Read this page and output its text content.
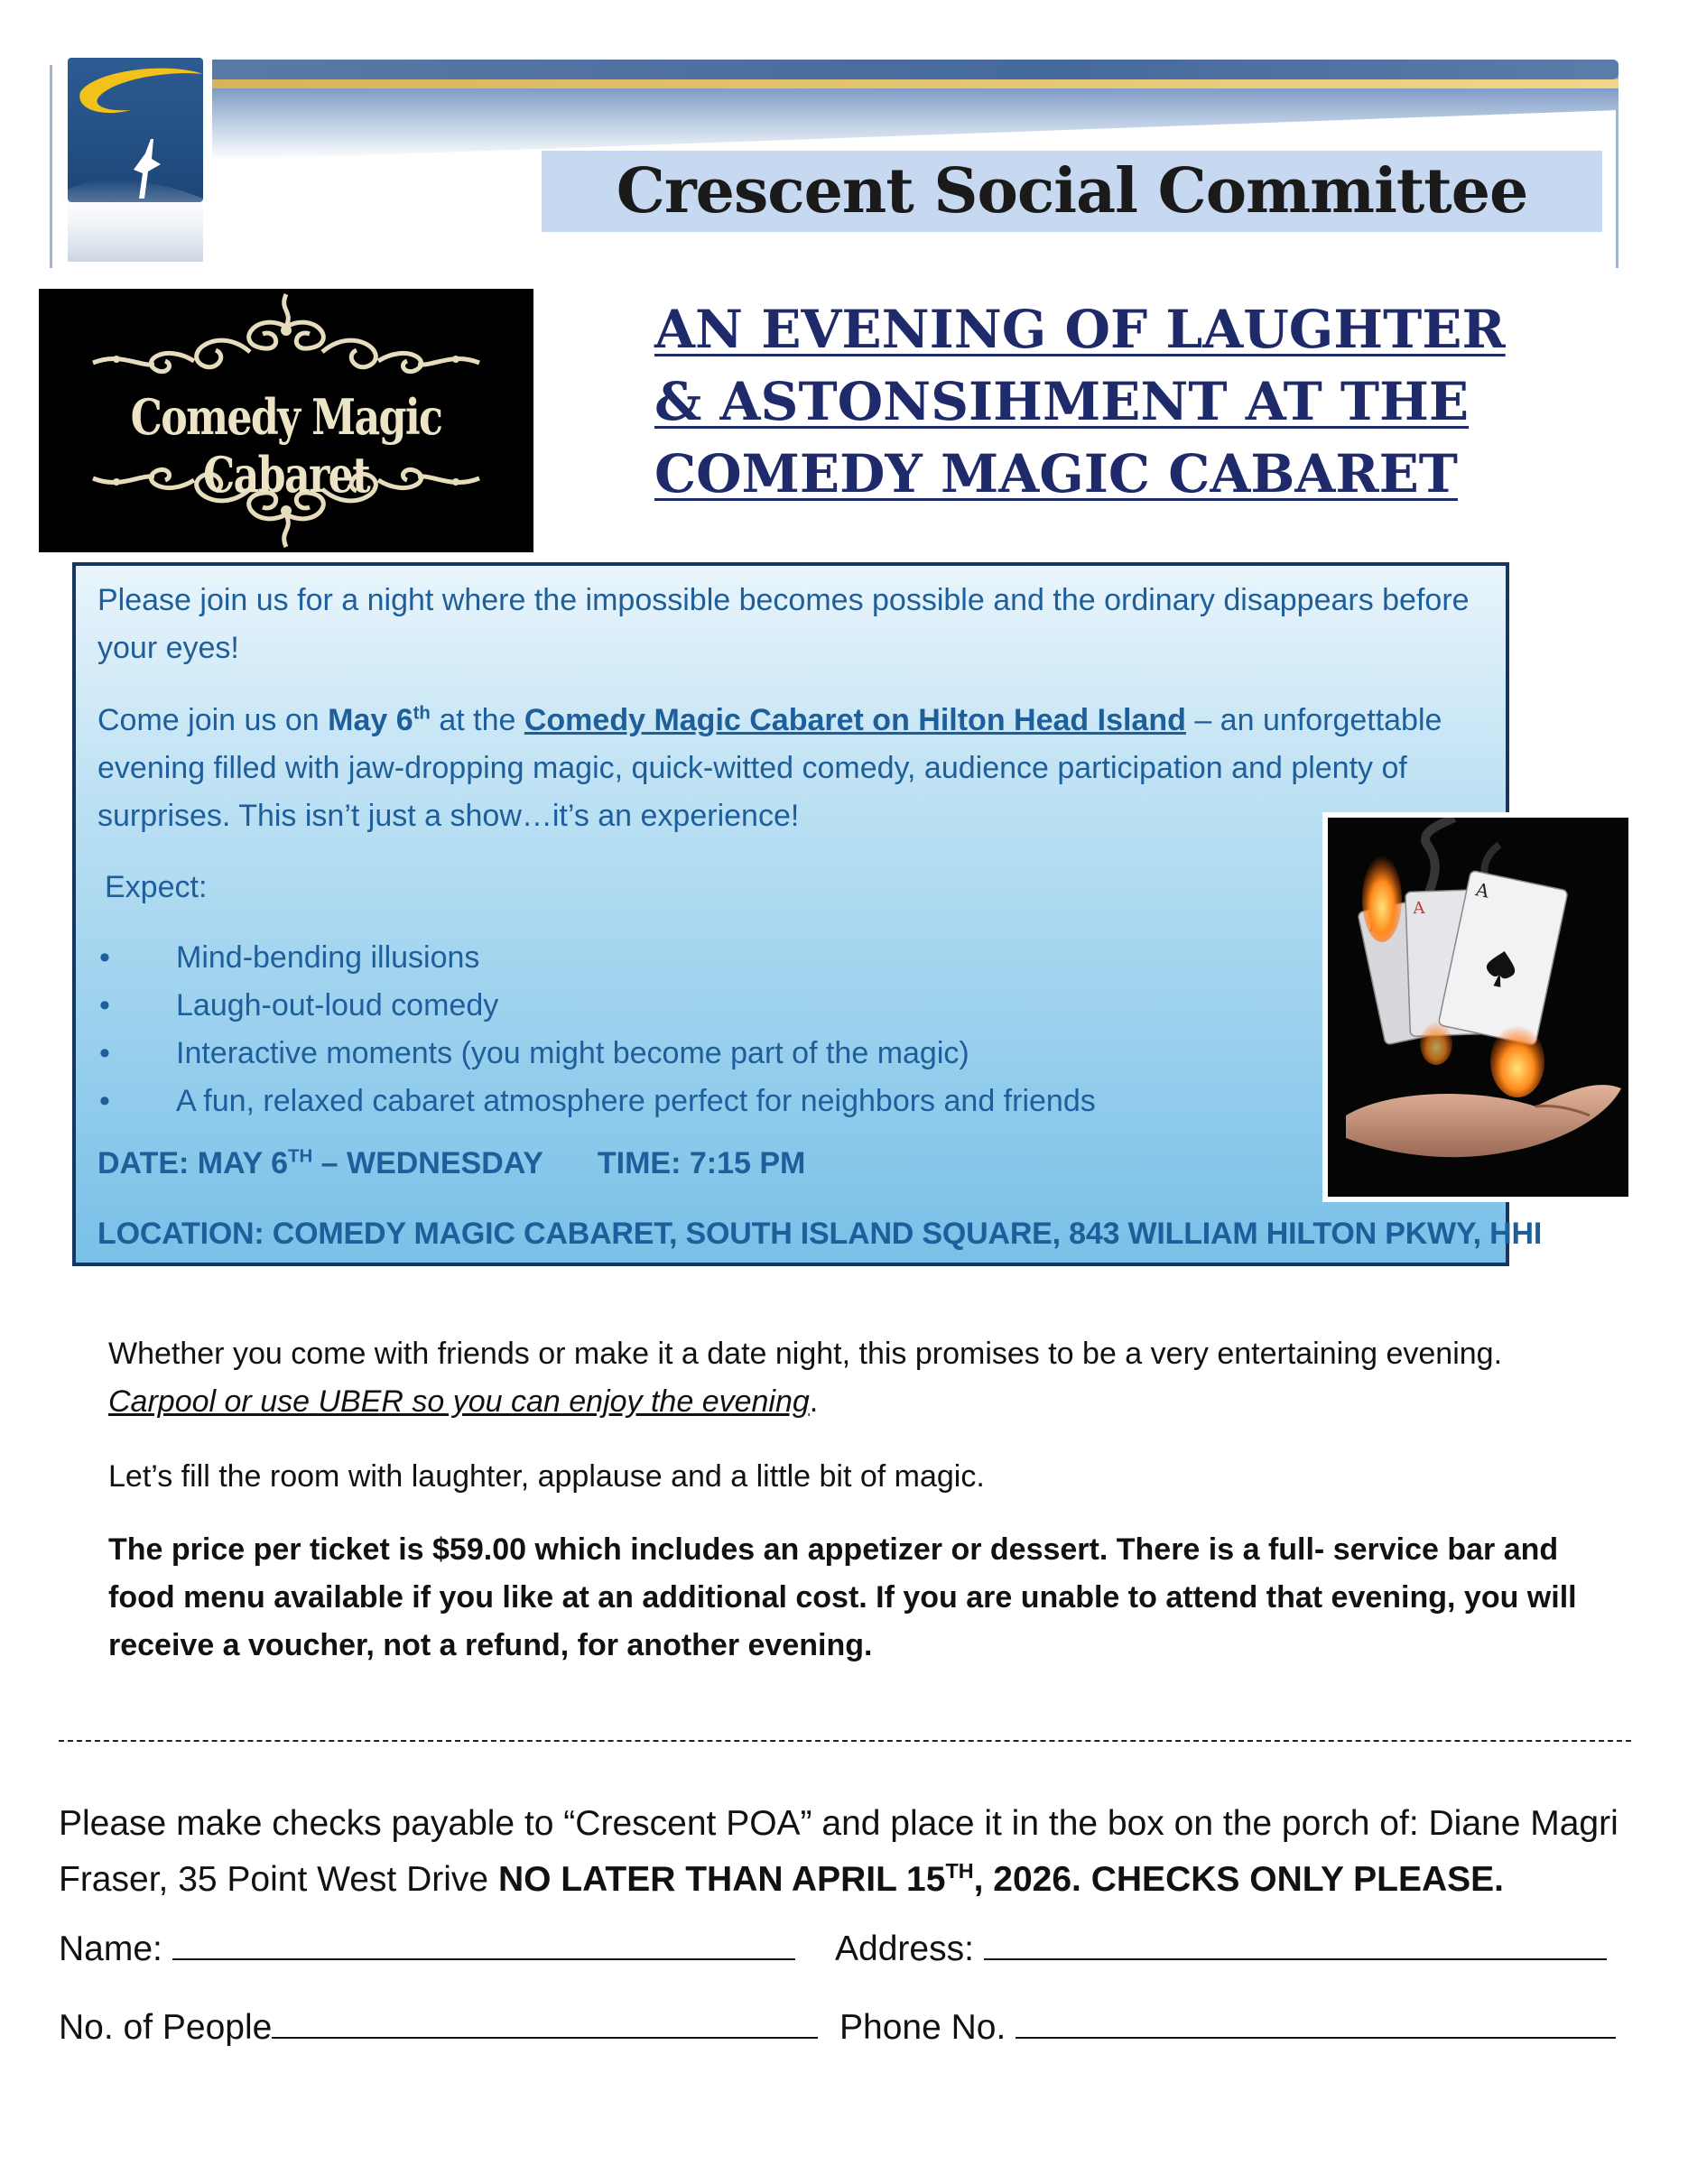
Crescent Social Committee
Comedy Magic Cabaret
AN EVENING OF LAUGHTER
& ASTONSIHMENT AT THE
COMEDY MAGIC CABARET
Please join us for a night where the impossible becomes possible and the ordinary disappears before your eyes!
Come join us on May 6th at the Comedy Magic Cabaret on Hilton Head Island – an unforgettable evening filled with jaw-dropping magic, quick-witted comedy, audience participation and plenty of surprises. This isn’t just a show…it’s an experience!
Expect:
• Mind-bending illusions
• Laugh-out-loud comedy
• Interactive moments (you might become part of the magic)
• A fun, relaxed cabaret atmosphere perfect for neighbors and friends
DATE: MAY 6TH – WEDNESDAY TIME: 7:15 PM
LOCATION: COMEDY MAGIC CABARET, SOUTH ISLAND SQUARE, 843 WILLIAM HILTON PKWY, HHI
A
A
Whether you come with friends or make it a date night, this promises to be a very entertaining evening. Carpool or use UBER so you can enjoy the evening.
Let’s fill the room with laughter, applause and a little bit of magic.
The price per ticket is $59.00 which includes an appetizer or dessert. There is a full- service bar and food menu available if you like at an additional cost. If you are unable to attend that evening, you will receive a voucher, not a refund, for another evening.
Please make checks payable to “Crescent POA” and place it in the box on the porch of: Diane Magri Fraser, 35 Point West Drive NO LATER THAN APRIL 15TH, 2026. CHECKS ONLY PLEASE.
Name:	Address:
No. of People	Phone No.
